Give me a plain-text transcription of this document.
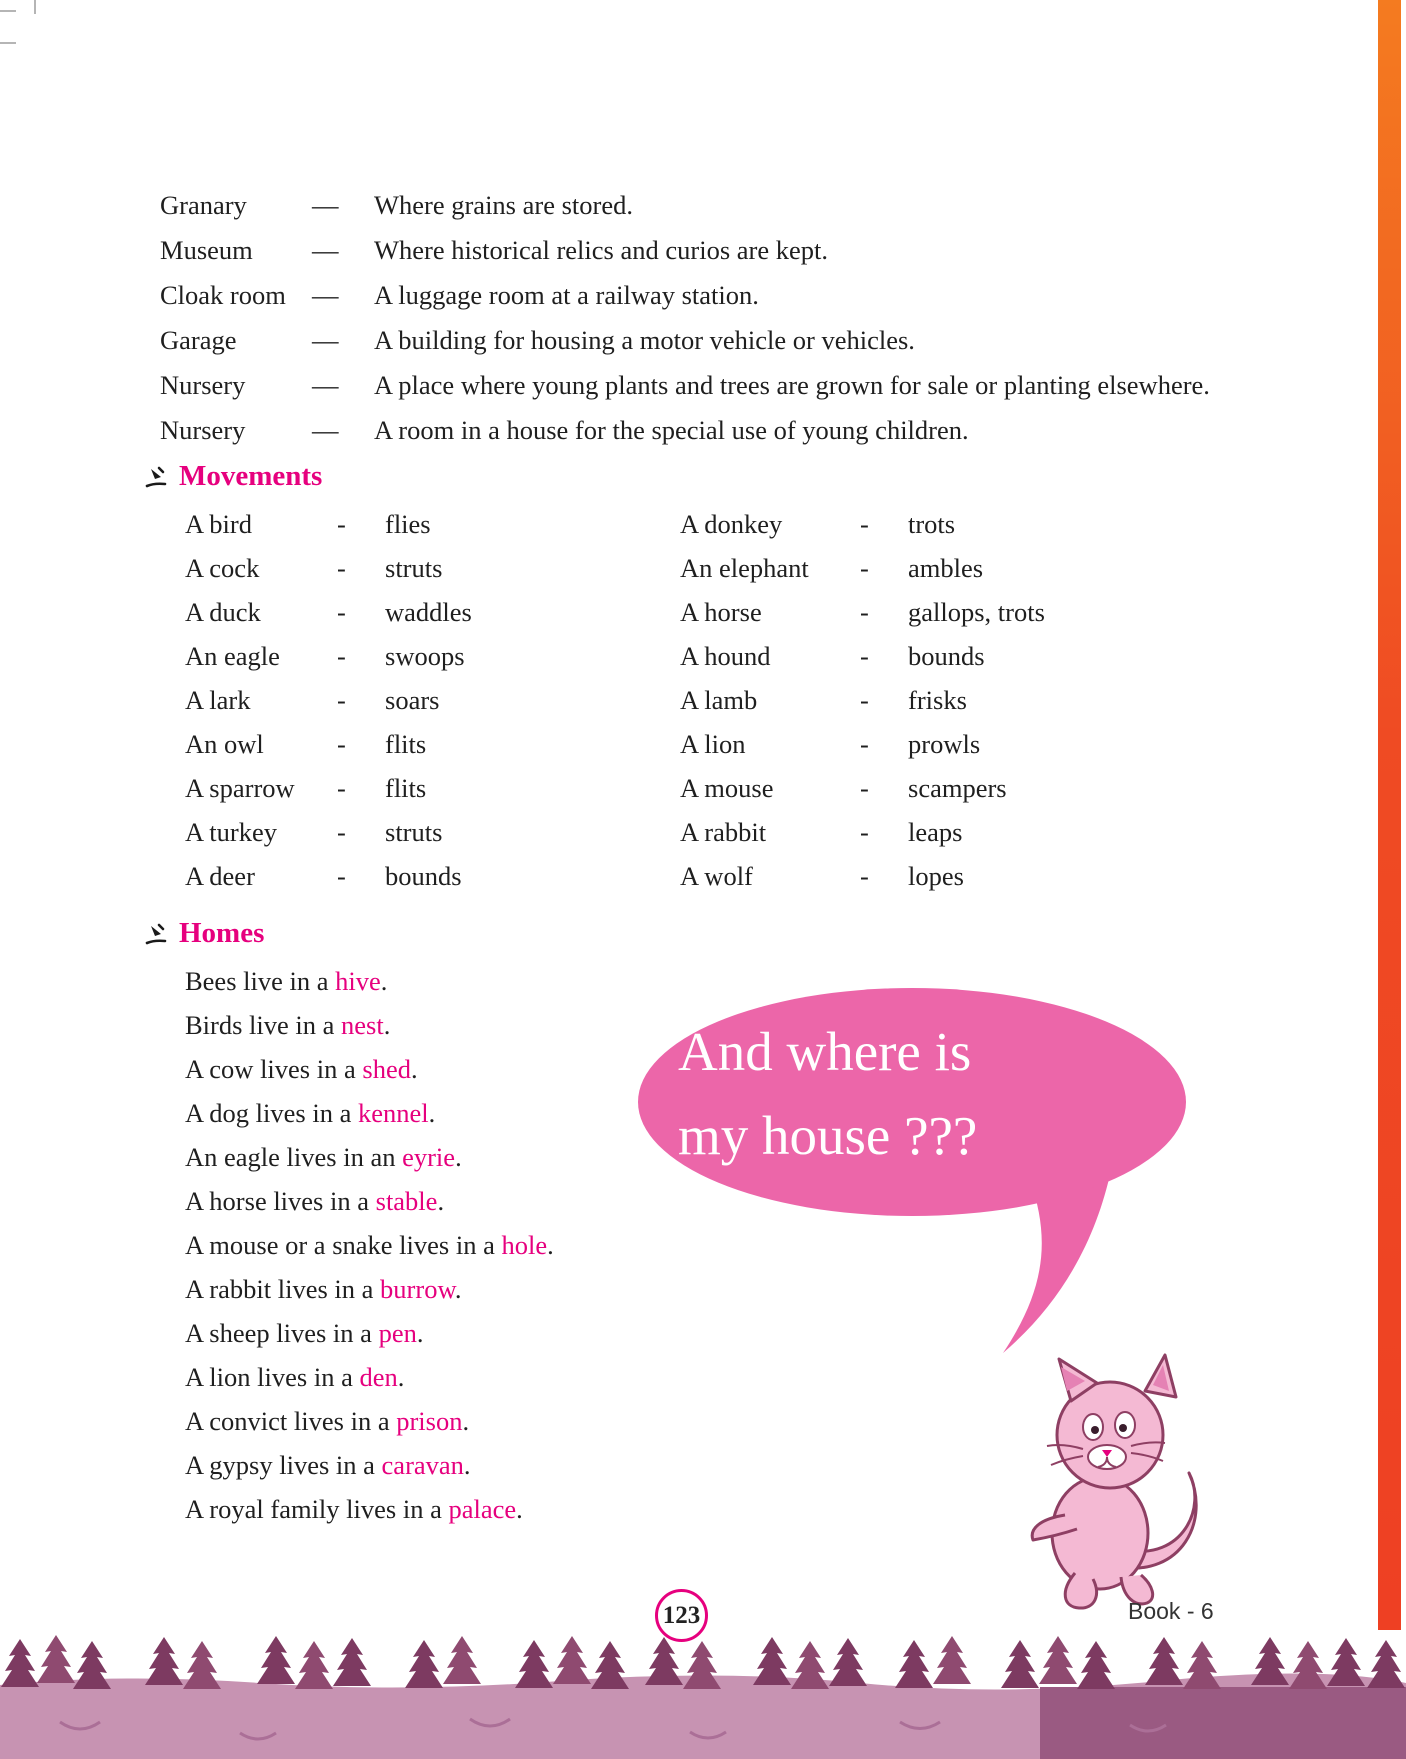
Granary	—	Where grains are stored.
Museum	—	Where historical relics and curios are kept.
Cloak room —	A luggage room at a railway station.
Garage	—	A building for housing a motor vehicle or vehicles.
Nursery	—	A place where young plants and trees are grown for sale or planting elsewhere.
Nursery	—	A room in a house for the special use of young children.
Movements
A bird	-	flies
A cock	-	struts
A duck	-	waddles
An eagle	-	swoops
A lark	-	soars
An owl	-	flits
A sparrow	-	flits
A turkey	-	struts
A deer	-	bounds
A donkey	-	trots
An elephant	-	ambles
A horse	-	gallops, trots
A hound	-	bounds
A lamb	-	frisks
A lion	-	prowls
A mouse	-	scampers
A rabbit	-	leaps
A wolf	-	lopes
Homes
Bees live in a hive.
Birds live in a nest.
A cow lives in a shed.
A dog lives in a kennel.
An eagle lives in an eyrie.
A horse lives in a stable.
A mouse or a snake lives in a hole.
A rabbit lives in a burrow.
A sheep lives in a pen.
A lion lives in a den.
A convict lives in a prison.
A gypsy lives in a caravan.
A royal family lives in a palace.
And where is
my house ???
123	Book - 6
